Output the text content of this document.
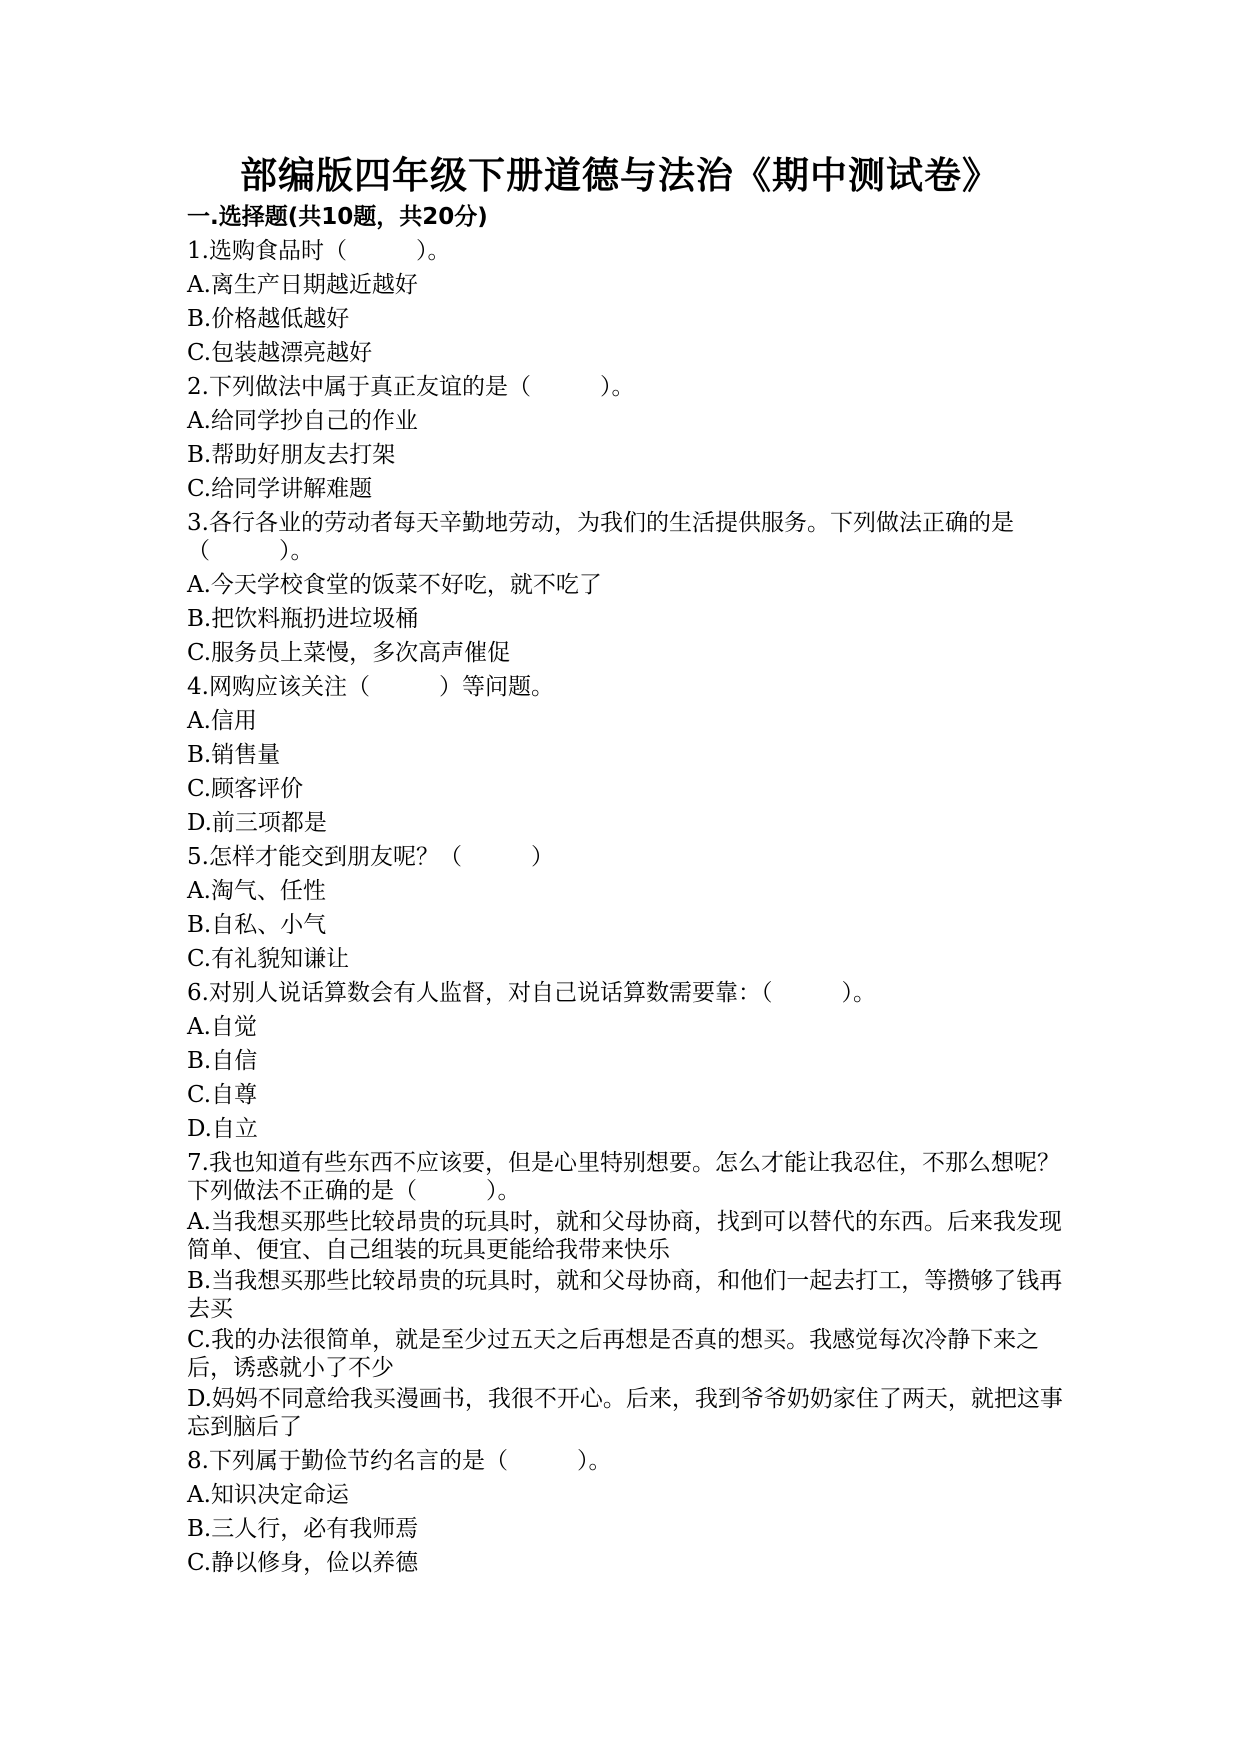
部编版四年级下册道德与法治《期中测试卷》
一.选择题(共10题，共20分)
1.选购食品时（　　　）。
A.离生产日期越近越好
B.价格越低越好
C.包装越漂亮越好
2.下列做法中属于真正友谊的是（　　　）。
A.给同学抄自己的作业
B.帮助好朋友去打架
C.给同学讲解难题
3.各行各业的劳动者每天辛勤地劳动，为我们的生活提供服务。下列做法正确的是（　　　）。
A.今天学校食堂的饭菜不好吃，就不吃了
B.把饮料瓶扔进垃圾桶
C.服务员上菜慢，多次高声催促
4.网购应该关注（　　　）等问题。
A.信用
B.销售量
C.顾客评价
D.前三项都是
5.怎样才能交到朋友呢？（　　　）
A.淘气、任性
B.自私、小气
C.有礼貌知谦让
6.对别人说话算数会有人监督，对自己说话算数需要靠：（　　　）。
A.自觉
B.自信
C.自尊
D.自立
7.我也知道有些东西不应该要，但是心里特别想要。怎么才能让我忍住，不那么想呢？下列做法不正确的是（　　　）。
A.当我想买那些比较昂贵的玩具时，就和父母协商，找到可以替代的东西。后来我发现简单、便宜、自己组装的玩具更能给我带来快乐
B.当我想买那些比较昂贵的玩具时，就和父母协商，和他们一起去打工，等攒够了钱再去买
C.我的办法很简单，就是至少过五天之后再想是否真的想买。我感觉每次冷静下来之后，诱惑就小了不少
D.妈妈不同意给我买漫画书，我很不开心。后来，我到爷爷奶奶家住了两天，就把这事忘到脑后了
8.下列属于勤俭节约名言的是（　　　）。
A.知识决定命运
B.三人行，必有我师焉
C.静以修身，俭以养德
